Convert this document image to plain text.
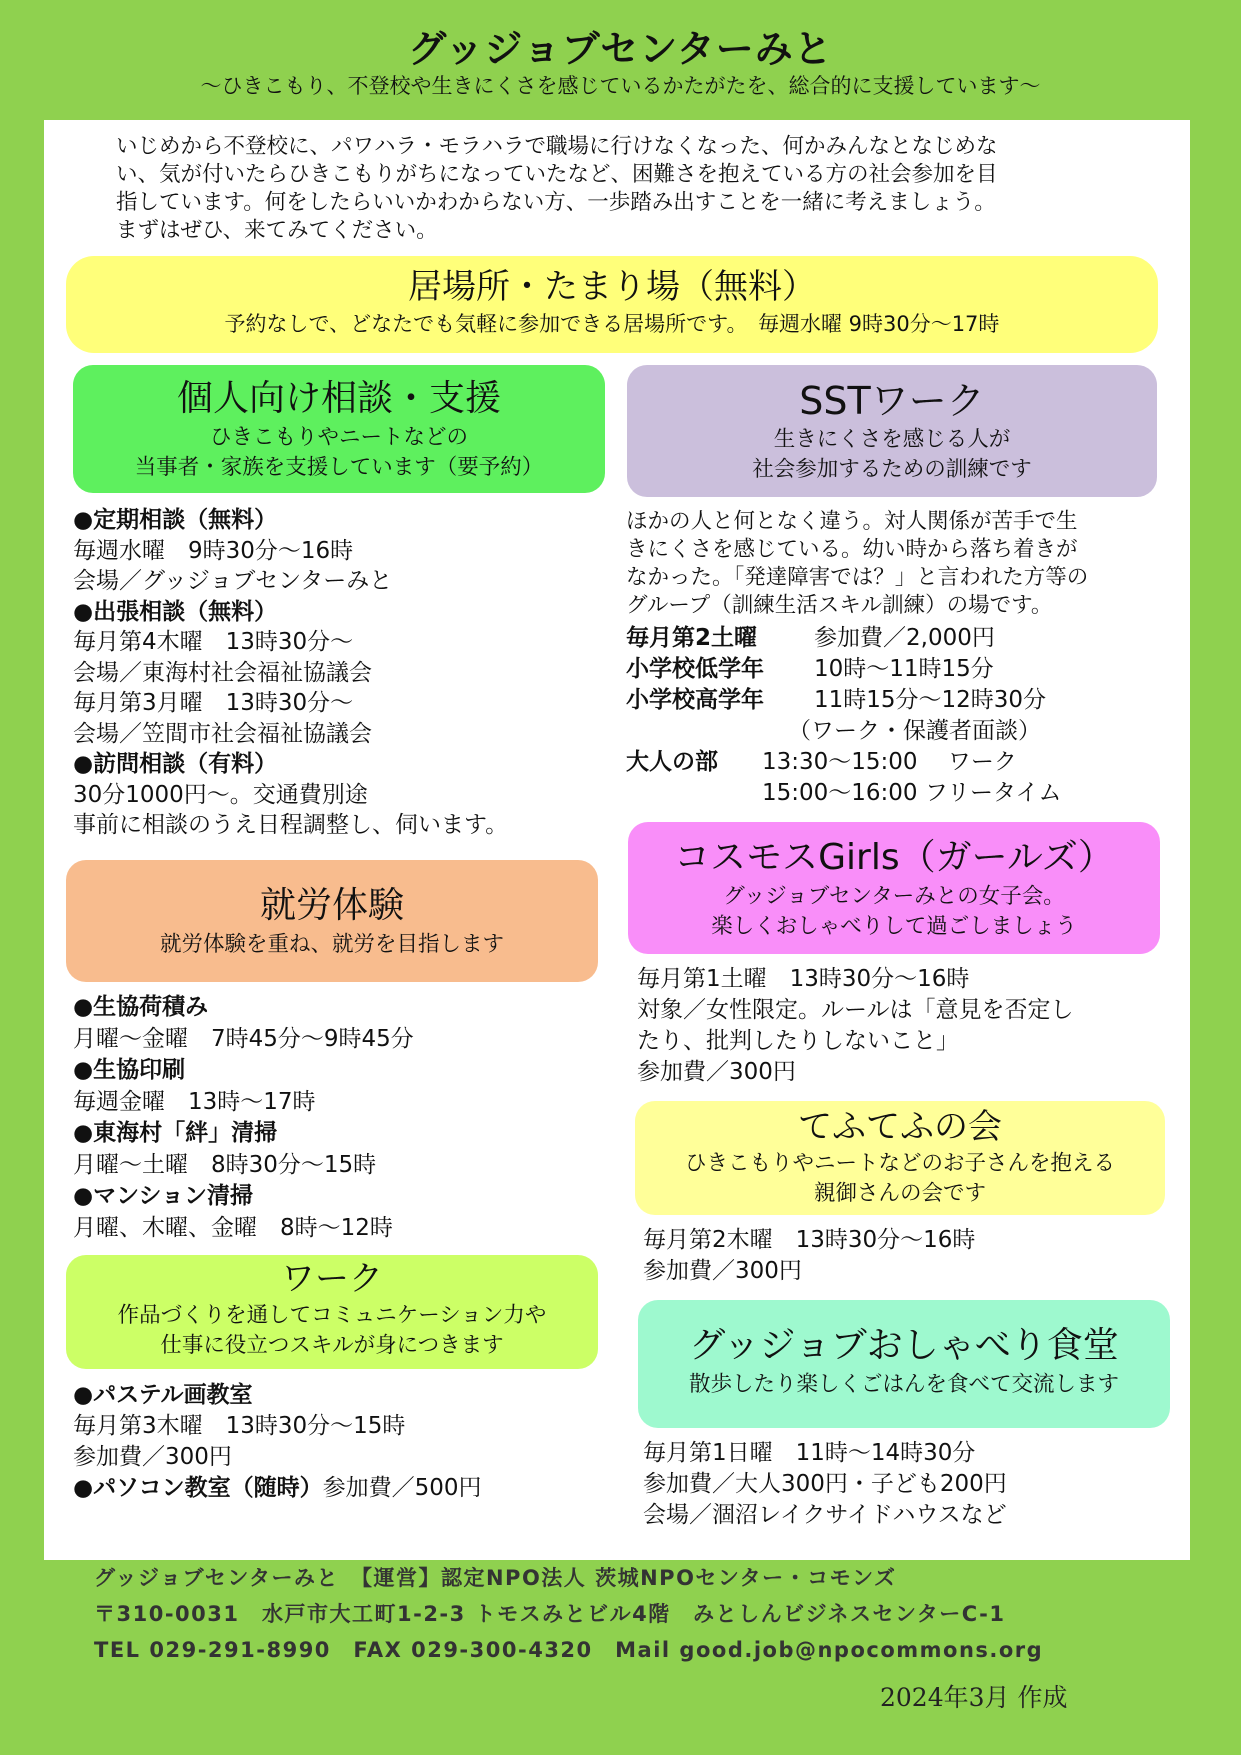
グッジョブセンターみと
〜ひきこもり、不登校や生きにくさを感じているかたがたを、総合的に支援しています〜
いじめから不登校に、パワハラ・モラハラで職場に行けなくなった、何かみんなとなじめな
い、気が付いたらひきこもりがちになっていたなど、困難さを抱えている方の社会参加を目
指しています。何をしたらいいかわからない方、一歩踏み出すことを一緒に考えましょう。
まずはぜひ、来てみてください。
居場所・たまり場（無料）
予約なしで、どなたでも気軽に参加できる居場所です。　毎週水曜 9時30分〜17時
個人向け相談・支援
ひきこもりやニートなどの
当事者・家族を支援しています（要予約）
●定期相談（無料）
毎週水曜　9時30分〜16時
会場／グッジョブセンターみと
●出張相談（無料）
毎月第4木曜　13時30分〜
会場／東海村社会福祉協議会
毎月第3月曜　13時30分〜
会場／笠間市社会福祉協議会
●訪問相談（有料）
30分1000円〜。交通費別途
事前に相談のうえ日程調整し、伺います。
SSTワーク
生きにくさを感じる人が
社会参加するための訓練です
ほかの人と何となく違う。対人関係が苦手で生
きにくさを感じている。幼い時から落ち着きが
なかった。「発達障害では？」と言われた方等の
グループ（訓練生活スキル訓練）の場です。
毎月第2土曜 参加費／2,000円
小学校低学年 10時〜11時15分
小学校高学年 11時15分〜12時30分
（ワーク・保護者面談）
大人の部 13:30〜15:00　 ワーク
15:00〜16:00 フリータイム
就労体験
就労体験を重ね、就労を目指します
●生協荷積み
月曜〜金曜　7時45分〜9時45分
●生協印刷
毎週金曜　13時〜17時
●東海村「絆」清掃
月曜〜土曜　8時30分〜15時
●マンション清掃
月曜、木曜、金曜　8時〜12時
コスモスGirls（ガールズ）
グッジョブセンターみとの女子会。
楽しくおしゃべりして過ごしましょう
毎月第1土曜　13時30分〜16時
対象／女性限定。ルールは「意見を否定し
たり、批判したりしないこと」
参加費／300円
てふてふの会
ひきこもりやニートなどのお子さんを抱える
親御さんの会です
毎月第2木曜　13時30分〜16時
参加費／300円
ワーク
作品づくりを通してコミュニケーション力や
仕事に役立つスキルが身につきます
●パステル画教室
毎月第3木曜　13時30分〜15時
参加費／300円
●パソコン教室（随時）参加費／500円
グッジョブおしゃべり食堂
散歩したり楽しくごはんを食べて交流します
毎月第1日曜　11時〜14時30分
参加費／大人300円・子ども200円
会場／涸沼レイクサイドハウスなど
グッジョブセンターみと　【運営】認定NPO法人 茨城NPOセンター・コモンズ
〒310-0031　水戸市大工町1-2-3 トモスみとビル4階　みとしんビジネスセンターC-1
TEL 029-291-8990　FAX 029-300-4320　Mail good.job@npocommons.org
2024年3月 作成
